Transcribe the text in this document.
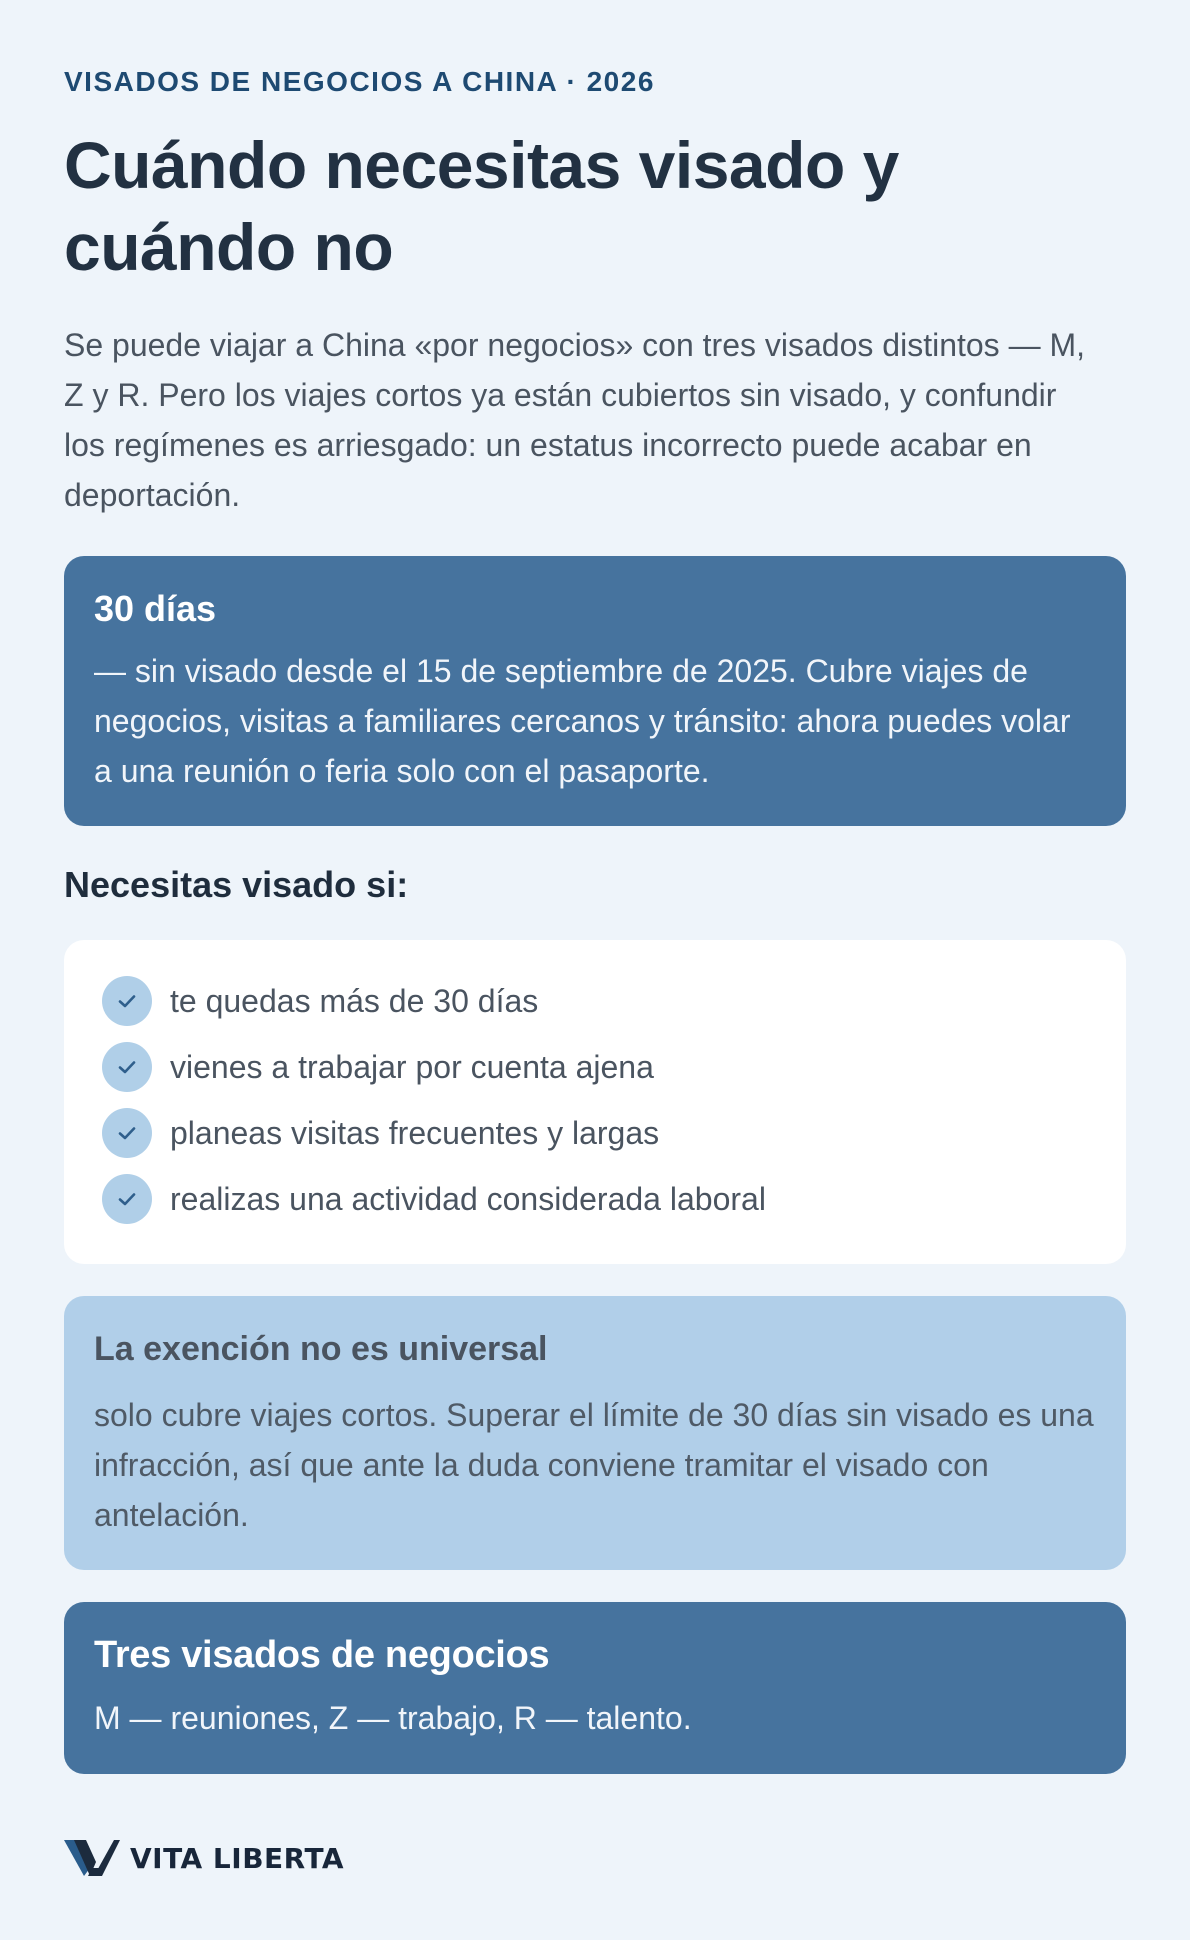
VISADOS DE NEGOCIOS A CHINA · 2026
Cuándo necesitas visado y cuándo no

Se puede viajar a China «por negocios» con tres visados distintos — M, Z y R. Pero los viajes cortos ya están cubiertos sin visado, y confundir los regímenes es arriesgado: un estatus incorrecto puede acabar en deportación.

30 días
— sin visado desde el 15 de septiembre de 2025. Cubre viajes de negocios, visitas a familiares cercanos y tránsito: ahora puedes volar a una reunión o feria solo con el pasaporte.
Necesitas visado si:
te quedas más de 30 días
vienes a trabajar por cuenta ajena
planeas visitas frecuentes y largas
realizas una actividad considerada laboral
La exención no es universal
solo cubre viajes cortos. Superar el límite de 30 días sin visado es una infracción, así que ante la duda conviene tramitar el visado con antelación.
Tres visados de negocios
M — reuniones, Z — trabajo, R — talento.
VITA LIBERTA
